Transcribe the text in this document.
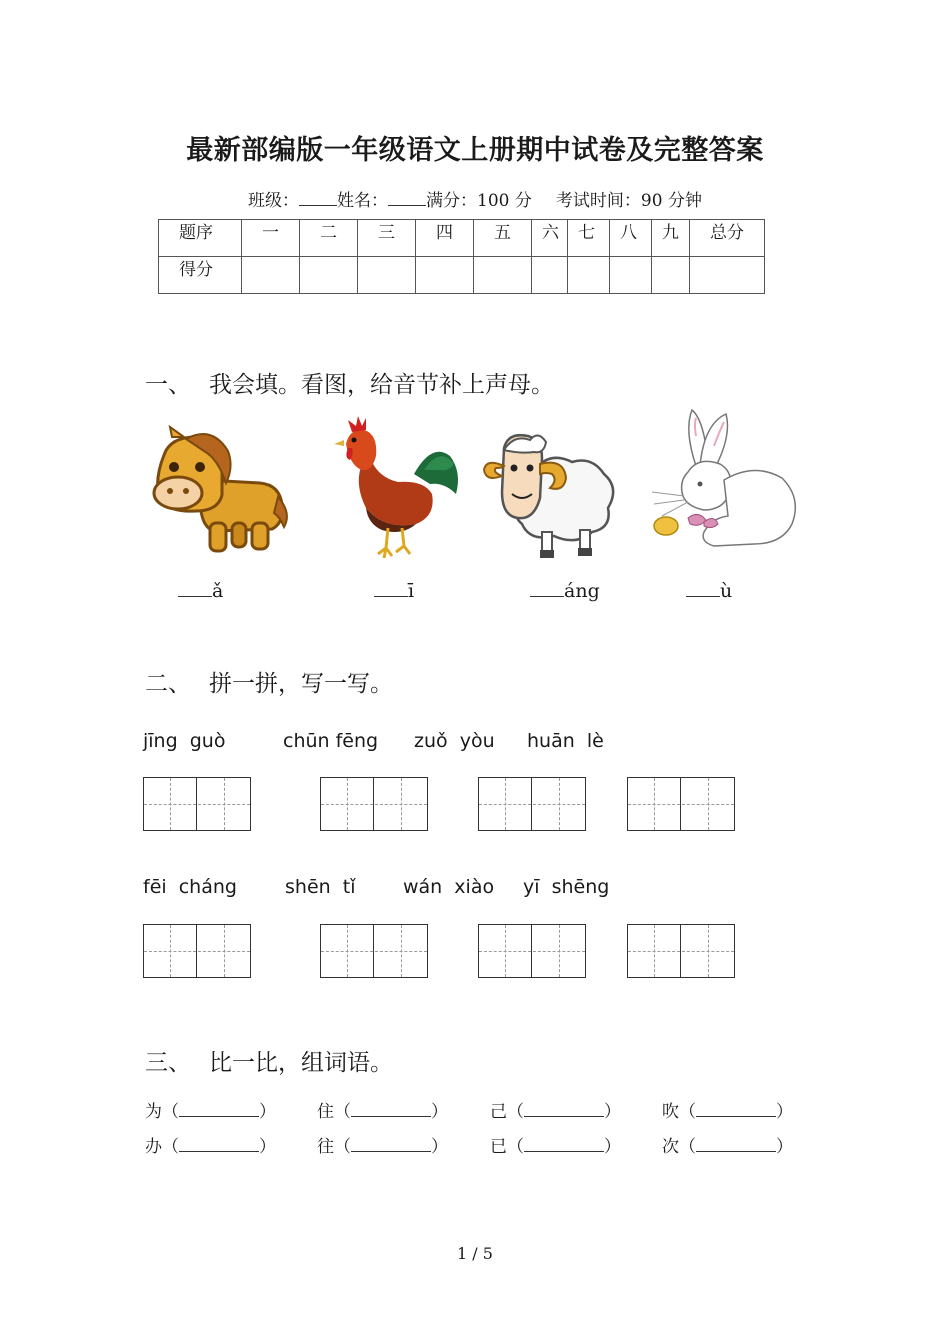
最新部编版一年级语文上册期中试卷及完整答案
班级： 姓名： 满分：100 分 考试时间：90 分钟
题序	一	二	三	四	五	六	七	八	九	总分
得分										
一、 我会填。看图，给音节补上声母。
ǎ	ī	áng	ù
二、 拼一拼，写一写。
jīng  guò	chūn fēng zuǒ  yòu huān  lè
fēi  cháng	shēn  tǐ	wán  xiào yī  shēng
三、 比一比，组词语。
为（	） 住（	） 己（	） 吹（	）
办（	） 往（	） 已（	） 次（	）
1 / 5
